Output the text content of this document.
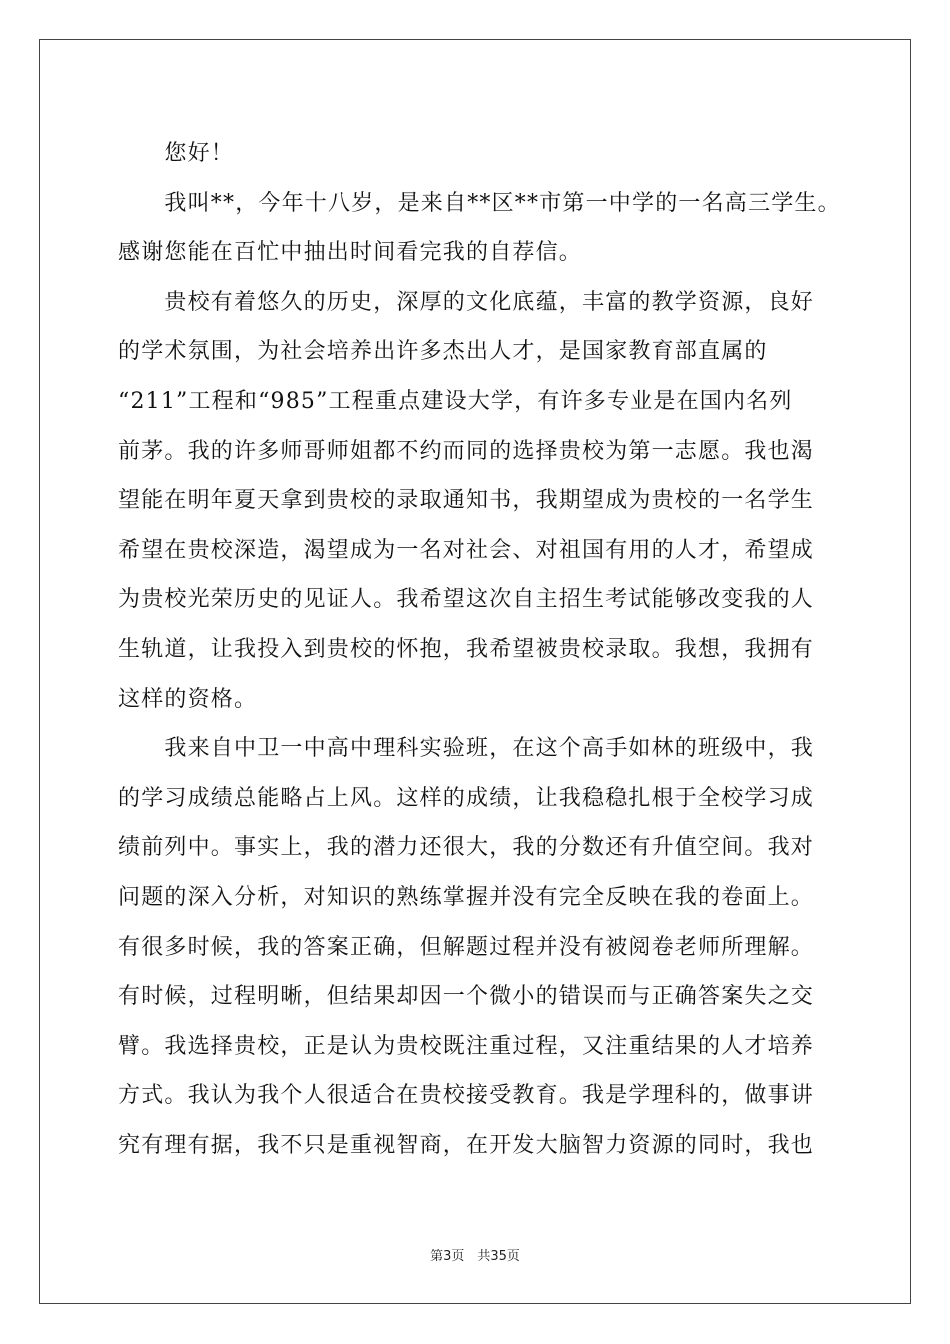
　　您好！
　　我叫**，今年十八岁，是来自**区**市第一中学的一名高三学生。
感谢您能在百忙中抽出时间看完我的自荐信。
　　贵校有着悠久的历史，深厚的文化底蕴，丰富的教学资源，良好
的学术氛围，为社会培养出许多杰出人才，是国家教育部直属的
“211”工程和“985”工程重点建设大学，有许多专业是在国内名列
前茅。我的许多师哥师姐都不约而同的选择贵校为第一志愿。我也渴
望能在明年夏天拿到贵校的录取通知书，我期望成为贵校的一名学生
希望在贵校深造，渴望成为一名对社会、对祖国有用的人才，希望成
为贵校光荣历史的见证人。我希望这次自主招生考试能够改变我的人
生轨道，让我投入到贵校的怀抱，我希望被贵校录取。我想，我拥有
这样的资格。
　　我来自中卫一中高中理科实验班，在这个高手如林的班级中，我
的学习成绩总能略占上风。这样的成绩，让我稳稳扎根于全校学习成
绩前列中。事实上，我的潜力还很大，我的分数还有升值空间。我对
问题的深入分析，对知识的熟练掌握并没有完全反映在我的卷面上。
有很多时候，我的答案正确，但解题过程并没有被阅卷老师所理解。
有时候，过程明晰，但结果却因一个微小的错误而与正确答案失之交
臂。我选择贵校，正是认为贵校既注重过程，又注重结果的人才培养
方式。我认为我个人很适合在贵校接受教育。我是学理科的，做事讲
究有理有据，我不只是重视智商，在开发大脑智力资源的同时，我也
第3页　共35页
